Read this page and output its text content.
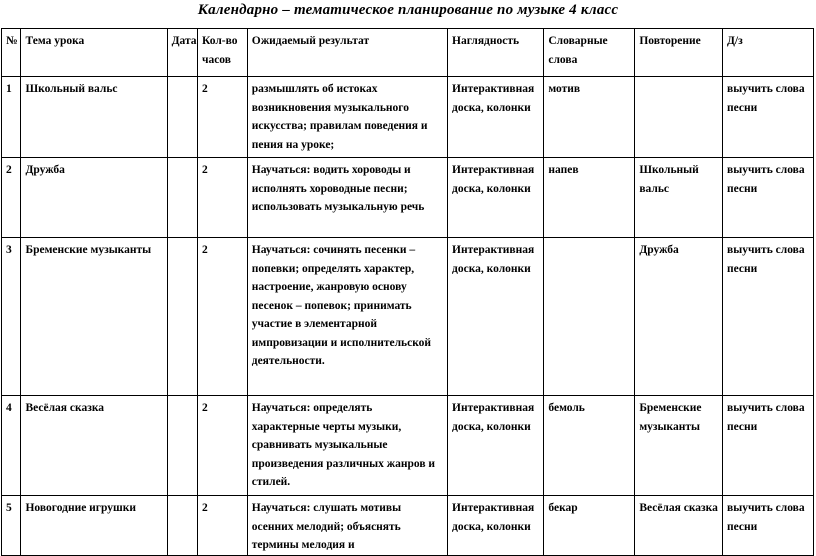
Календарно – тематическое планирование по музыке 4 класс
№	Тема урока	Дата	Кол-во часов	Ожидаемый результат	Наглядность	Словарные слова	Повторение	Д/з
1	Школьный вальс		2	размышлять об истоках возникновения музыкального искусства; правилам поведения и пения на уроке;	Интерактивная доска, колонки	мотив		выучить слова песни
2	Дружба		2	Научаться: водить хороводы и исполнять хороводные песни; использовать музыкальную речь	Интерактивная доска, колонки	напев	Школьный вальс	выучить слова песни
3	Бременские музыканты		2	Научаться: сочинять песенки – попевки; определять характер, настроение, жанровую основу песенок – попевок; принимать участие в элементарной импровизации и исполнительской деятельности.	Интерактивная доска, колонки		Дружба	выучить слова песни
4	Весёлая сказка		2	Научаться: определять характерные черты музыки, сравнивать музыкальные произведения различных жанров и стилей.	Интерактивная доска, колонки	бемоль	Бременские музыканты	выучить слова песни
5	Новогодние игрушки		2	Научаться: слушать мотивы осенних мелодий; объяснять термины мелодия и	Интерактивная доска, колонки	бекар	Весёлая сказка	выучить слова песни
